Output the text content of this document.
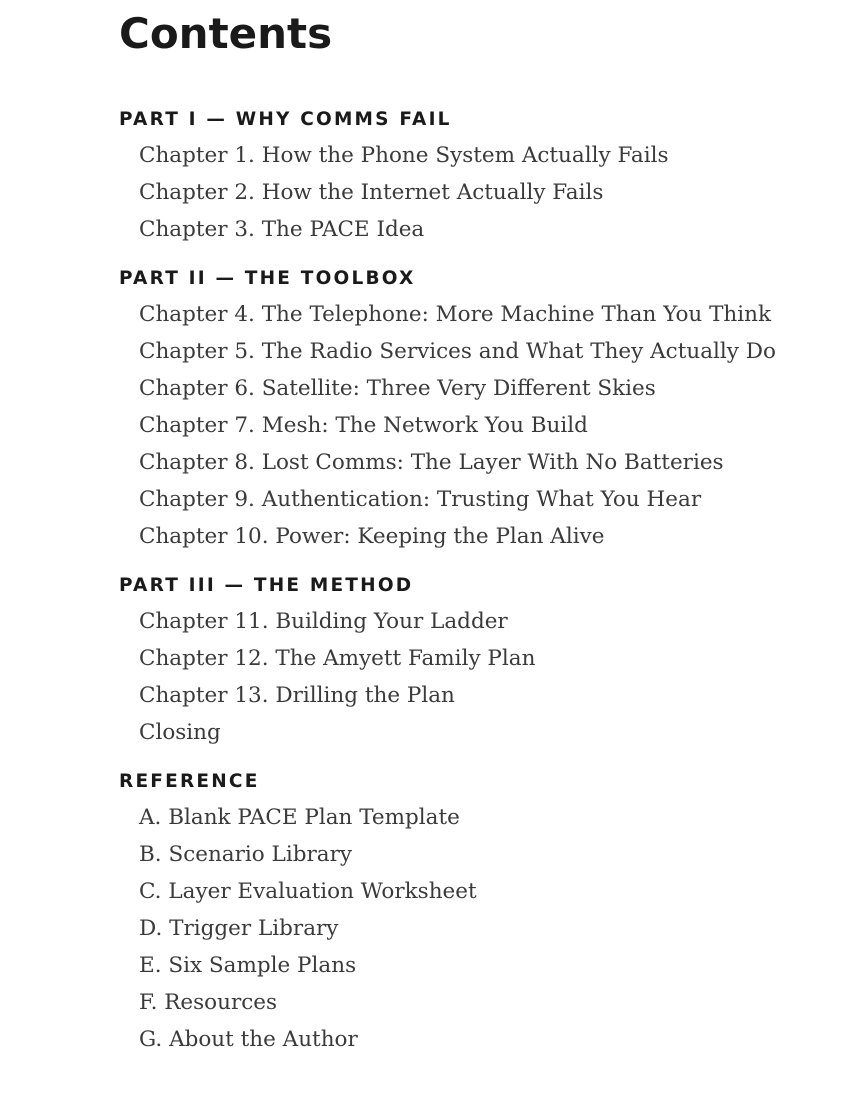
Contents
PART I — WHY COMMS FAIL
Chapter 1. How the Phone System Actually Fails
Chapter 2. How the Internet Actually Fails
Chapter 3. The PACE Idea
PART II — THE TOOLBOX
Chapter 4. The Telephone: More Machine Than You Think
Chapter 5. The Radio Services and What They Actually Do
Chapter 6. Satellite: Three Very Different Skies
Chapter 7. Mesh: The Network You Build
Chapter 8. Lost Comms: The Layer With No Batteries
Chapter 9. Authentication: Trusting What You Hear
Chapter 10. Power: Keeping the Plan Alive
PART III — THE METHOD
Chapter 11. Building Your Ladder
Chapter 12. The Amyett Family Plan
Chapter 13. Drilling the Plan
Closing
REFERENCE
A. Blank PACE Plan Template
B. Scenario Library
C. Layer Evaluation Worksheet
D. Trigger Library
E. Six Sample Plans
F. Resources
G. About the Author
